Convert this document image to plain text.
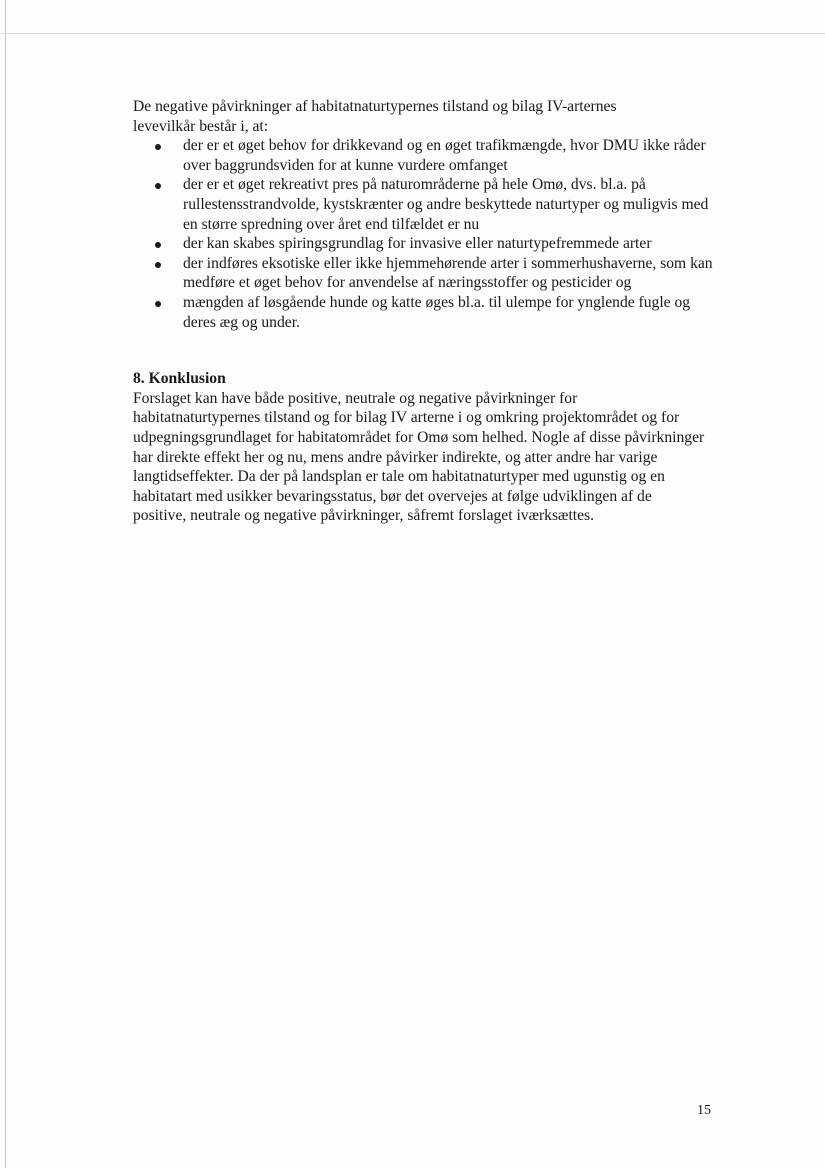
De negative påvirkninger af habitatnaturtypernes tilstand og bilag IV-arternes levevilkår består i, at:

der er et øget behov for drikkevand og en øget trafikmængde, hvor DMU ikke råder over baggrundsviden for at kunne vurdere omfanget
der er et øget rekreativt pres på naturområderne på hele Omø, dvs. bl.a. på rullestensstrandvolde, kystskrænter og andre beskyttede naturtyper og muligvis med en større spredning over året end tilfældet er nu
der kan skabes spiringsgrundlag for invasive eller naturtypefremmede arter
der indføres eksotiske eller ikke hjemmehørende arter i sommerhushaverne, som kan medføre et øget behov for anvendelse af næringsstoffer og pesticider og
mængden af løsgående hunde og katte øges bl.a. til ulempe for ynglende fugle og deres æg og under.
8. Konklusion

Forslaget kan have både positive, neutrale og negative påvirkninger for habitatnaturtypernes tilstand og for bilag IV arterne i og omkring projektområdet og for udpegningsgrundlaget for habitatområdet for Omø som helhed. Nogle af disse påvirkninger har direkte effekt her og nu, mens andre påvirker indirekte, og atter andre har varige langtidseffekter. Da der på landsplan er tale om habitatnaturtyper med ugunstig og en habitatart med usikker bevaringsstatus, bør det overvejes at følge udviklingen af de positive, neutrale og negative påvirkninger, såfremt forslaget iværksættes.

15
